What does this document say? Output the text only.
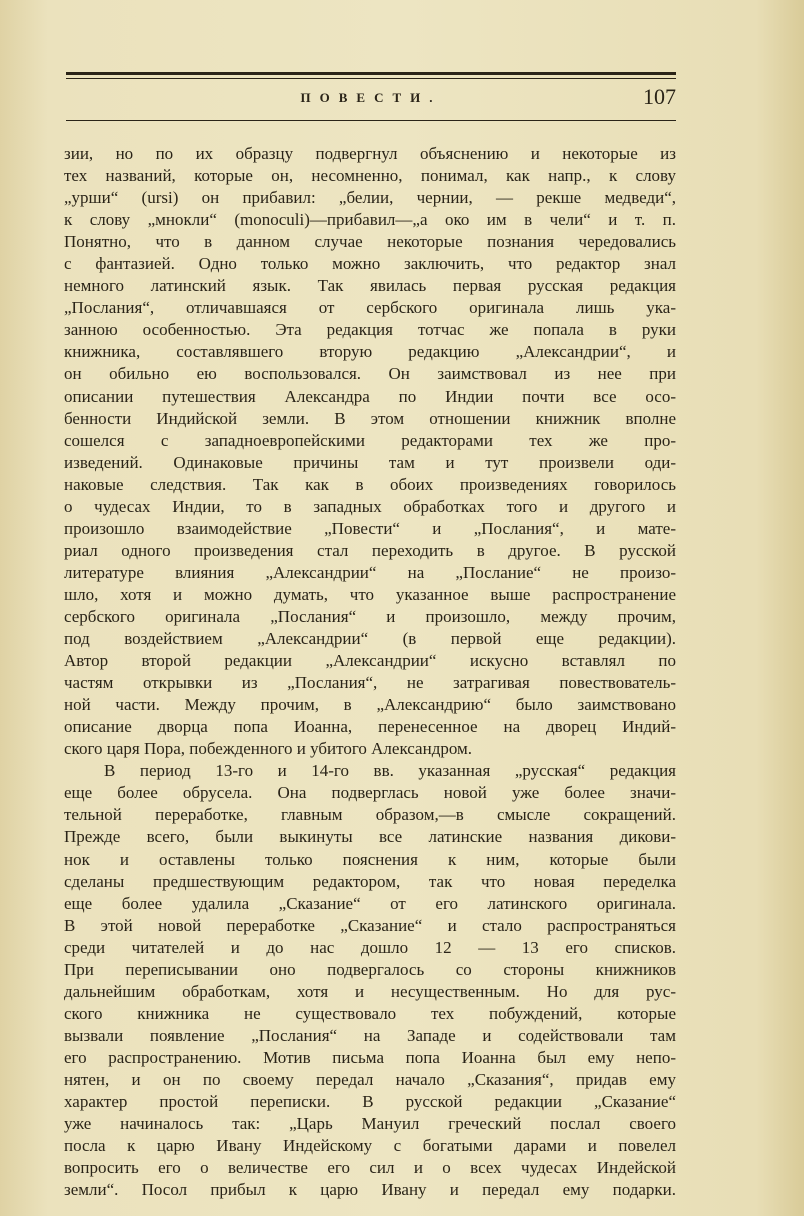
ПОВЕСТИ.	107
зии, но по их образцу подвергнул объяснению и некоторые из
тех названий, которые он, несомненно, понимал, как напр., к слову
„урши“ (ursi) он прибавил: „белии, чернии, — рекше медведи“,
к слову „мнокли“ (monoculi)—прибавил—„а око им в чели“ и т. п.
Понятно, что в данном случае некоторые познания чередовались
с фантазией. Одно только можно заключить, что редактор знал
немного латинский язык. Так явилась первая русская редакция
„Послания“, отличавшаяся от сербского оригинала лишь ука-
занною особенностью. Эта редакция тотчас же попала в руки
книжника, составлявшего вторую редакцию „Александрии“, и
он обильно ею воспользовался. Он заимствовал из нее при
описании путешествия Александра по Индии почти все осо-
бенности Индийской земли. В этом отношении книжник вполне
сошелся с западноевропейскими редакторами тех же про-
изведений. Одинаковые причины там и тут произвели оди-
наковые следствия. Так как в обоих произведениях говорилось
о чудесах Индии, то в западных обработках того и другого и
произошло взаимодействие „Повести“ и „Послания“, и мате-
риал одного произведения стал переходить в другое. В русской
литературе влияния „Александрии“ на „Послание“ не произо-
шло, хотя и можно думать, что указанное выше распространение
сербского оригинала „Послания“ и произошло, между прочим,
под воздействием „Александрии“ (в первой еще редакции).
Автор второй редакции „Александрии“ искусно вставлял по
частям открывки из „Послания“, не затрагивая повествователь-
ной части. Между прочим, в „Александрию“ было заимствовано
описание дворца попа Иоанна, перенесенное на дворец Индий-
ского царя Пора, побежденного и убитого Александром.
В период 13-го и 14-го вв. указанная „русская“ редакция
еще более обрусела. Она подверглась новой уже более значи-
тельной переработке, главным образом,—в смысле сокращений.
Прежде всего, были выкинуты все латинские названия дикови-
нок и оставлены только пояснения к ним, которые были
сделаны предшествующим редактором, так что новая переделка
еще более удалила „Сказание“ от его латинского оригинала.
В этой новой переработке „Сказание“ и стало распространяться
среди читателей и до нас дошло 12 — 13 его списков.
При переписывании оно подвергалось со стороны книжников
дальнейшим обработкам, хотя и несущественным. Но для рус-
ского книжника не существовало тех побуждений, которые
вызвали появление „Послания“ на Западе и содействовали там
его распространению. Мотив письма попа Иоанна был ему непо-
нятен, и он по своему передал начало „Сказания“, придав ему
характер простой переписки. В русской редакции „Сказание“
уже начиналось так: „Царь Мануил греческий послал своего
посла к царю Ивану Индейскому с богатыми дарами и повелел
вопросить его о величестве его сил и о всех чудесах Индейской
земли“. Посол прибыл к царю Ивану и передал ему подарки.
